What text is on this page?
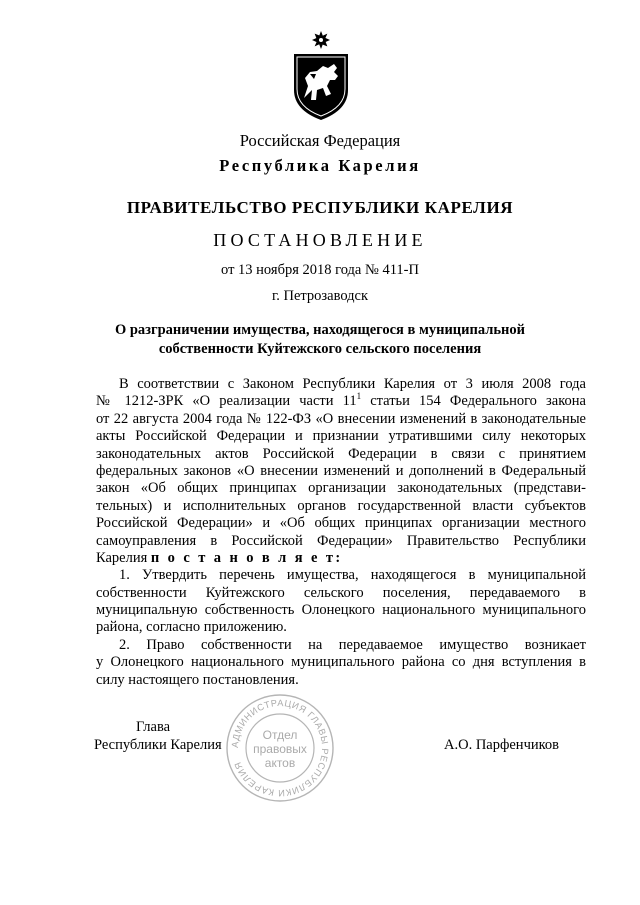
Российская Федерация
Республика Карелия
ПРАВИТЕЛЬСТВО РЕСПУБЛИКИ КАРЕЛИЯ
ПОСТАНОВЛЕНИЕ
от 13 ноября 2018 года № 411-П
г. Петрозаводск
О разграничении имущества, находящегося в муниципальной
собственности Куйтежского сельского поселения
В соответствии с Законом Республики Карелия от 3 июля 2008 года
№ 1212-ЗРК «О реализации части $11^1$ статьи 154 Федерального закона
от 22 августа 2004 года № 122-ФЗ «О внесении изменений в законодательные
акты Российской Федерации и признании утратившими силу некоторых
законодательных актов Российской Федерации в связи с принятием
федеральных законов «О внесении изменений и дополнений в Федеральный
закон «Об общих принципах организации законодательных (представи-
тельных) и исполнительных органов государственной власти субъектов
Российской Федерации» и «Об общих принципах организации местного
самоуправления в Российской Федерации» Правительство Республики
Карелия п о с т а н о в л я е т:
1. Утвердить перечень имущества, находящегося в муниципальной
собственности Куйтежского сельского поселения, передаваемого в
муниципальную собственность Олонецкого национального муниципального
района, согласно приложению.
2. Право собственности на передаваемое имущество возникает
у Олонецкого национального муниципального района со дня вступления в
силу настоящего постановления.
Глава
Республики Карелия	А.О. Парфенчиков
АДМИНИСТРАЦИЯ ГЛАВЫ РЕСПУБЛИКИ КАРЕЛИЯ
Отдел
правовых
актов
